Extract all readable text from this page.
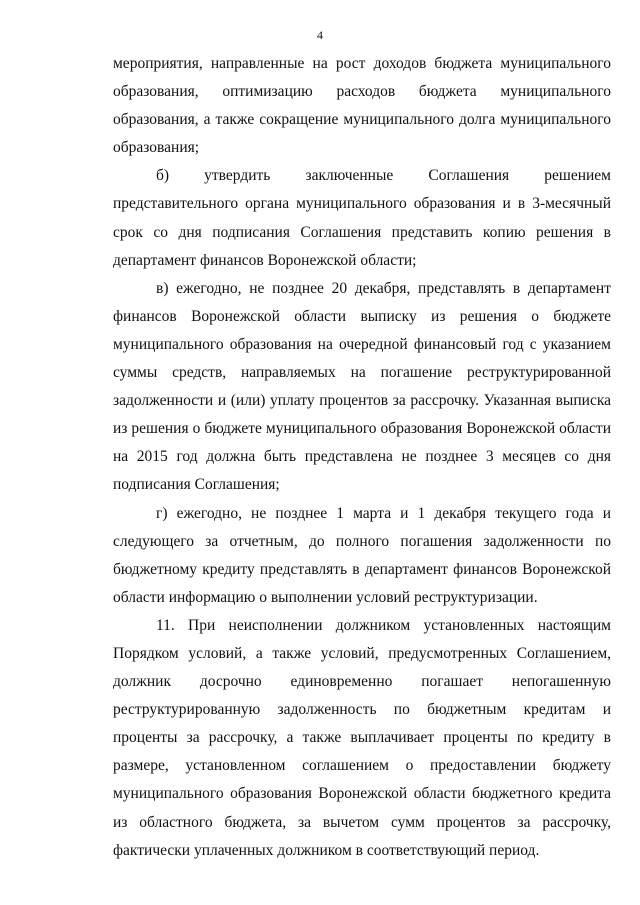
4

мероприятия, направленные на рост доходов бюджета муниципального образования, оптимизацию расходов бюджета муниципального образования, а также сокращение муниципального долга муниципального образования;

б) утвердить заключенные Соглашения решением представительного органа муниципального образования и в 3-месячный срок со дня подписания Соглашения представить копию решения в департамент финансов Воронежской области;

в) ежегодно, не позднее 20 декабря, представлять в департамент финансов Воронежской области выписку из решения о бюджете муниципального образования на очередной финансовый год с указанием суммы средств, направляемых на погашение реструктурированной задолженности и (или) уплату процентов за рассрочку. Указанная выписка из решения о бюджете муниципального образования Воронежской области на 2015 год должна быть представлена не позднее 3 месяцев со дня подписания Соглашения;

г) ежегодно, не позднее 1 марта и 1 декабря текущего года и следующего за отчетным, до полного погашения задолженности по бюджетному кредиту представлять в департамент финансов Воронежской области информацию о выполнении условий реструктуризации.

11. При неисполнении должником установленных настоящим Порядком условий, а также условий, предусмотренных Соглашением, должник досрочно единовременно погашает непогашенную реструктурированную задолженность по бюджетным кредитам и проценты за рассрочку, а также выплачивает проценты по кредиту в размере, установленном соглашением о предоставлении бюджету муниципального образования Воронежской области бюджетного кредита из областного бюджета, за вычетом сумм процентов за рассрочку, фактически уплаченных должником в соответствующий период.
